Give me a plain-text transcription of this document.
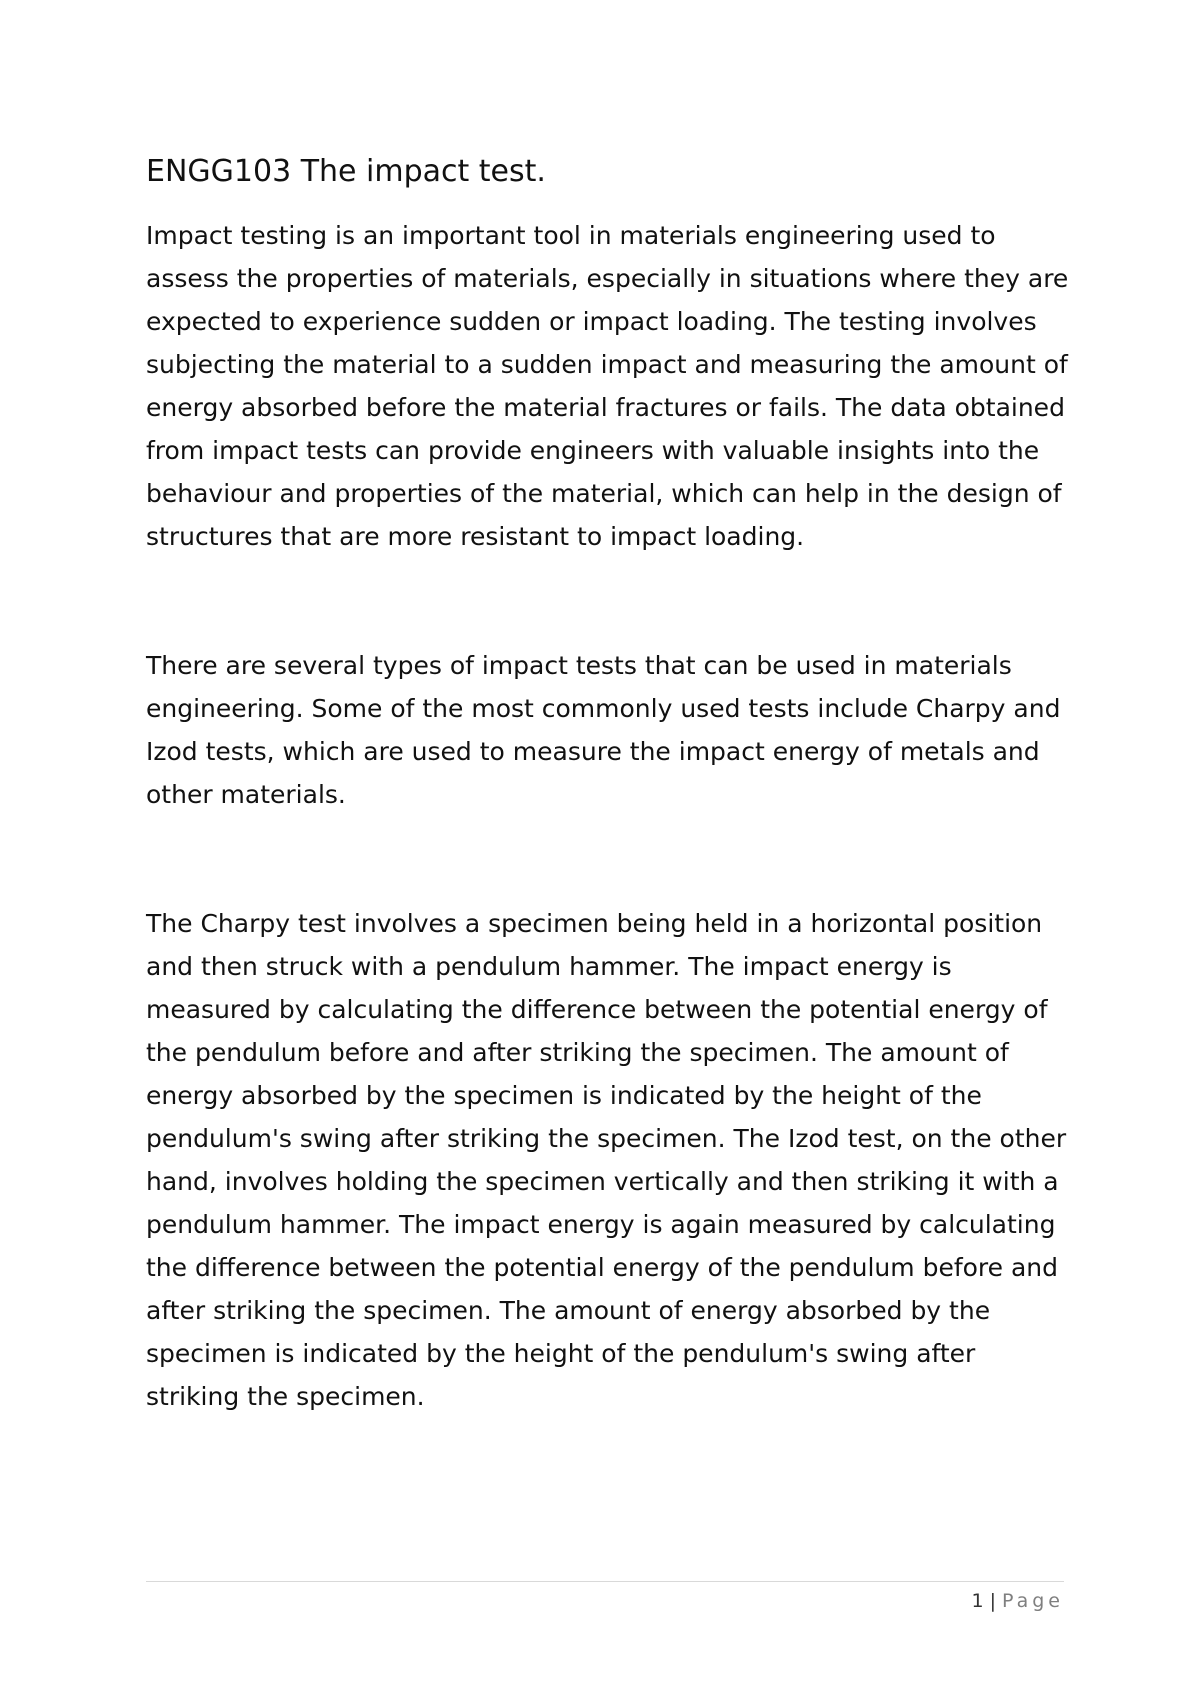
ENGG103 The impact test.

Impact testing is an important tool in materials engineering used to assess the properties of materials, especially in situations where they are expected to experience sudden or impact loading. The testing involves subjecting the material to a sudden impact and measuring the amount of energy absorbed before the material fractures or fails. The data obtained from impact tests can provide engineers with valuable insights into the behaviour and properties of the material, which can help in the design of structures that are more resistant to impact loading.

There are several types of impact tests that can be used in materials engineering. Some of the most commonly used tests include Charpy and Izod tests, which are used to measure the impact energy of metals and other materials.

The Charpy test involves a specimen being held in a horizontal position and then struck with a pendulum hammer. The impact energy is measured by calculating the difference between the potential energy of the pendulum before and after striking the specimen. The amount of energy absorbed by the specimen is indicated by the height of the pendulum's swing after striking the specimen. The Izod test, on the other hand, involves holding the specimen vertically and then striking it with a pendulum hammer. The impact energy is again measured by calculating the difference between the potential energy of the pendulum before and after striking the specimen. The amount of energy absorbed by the specimen is indicated by the height of the pendulum's swing after striking the specimen.

1 | Page
